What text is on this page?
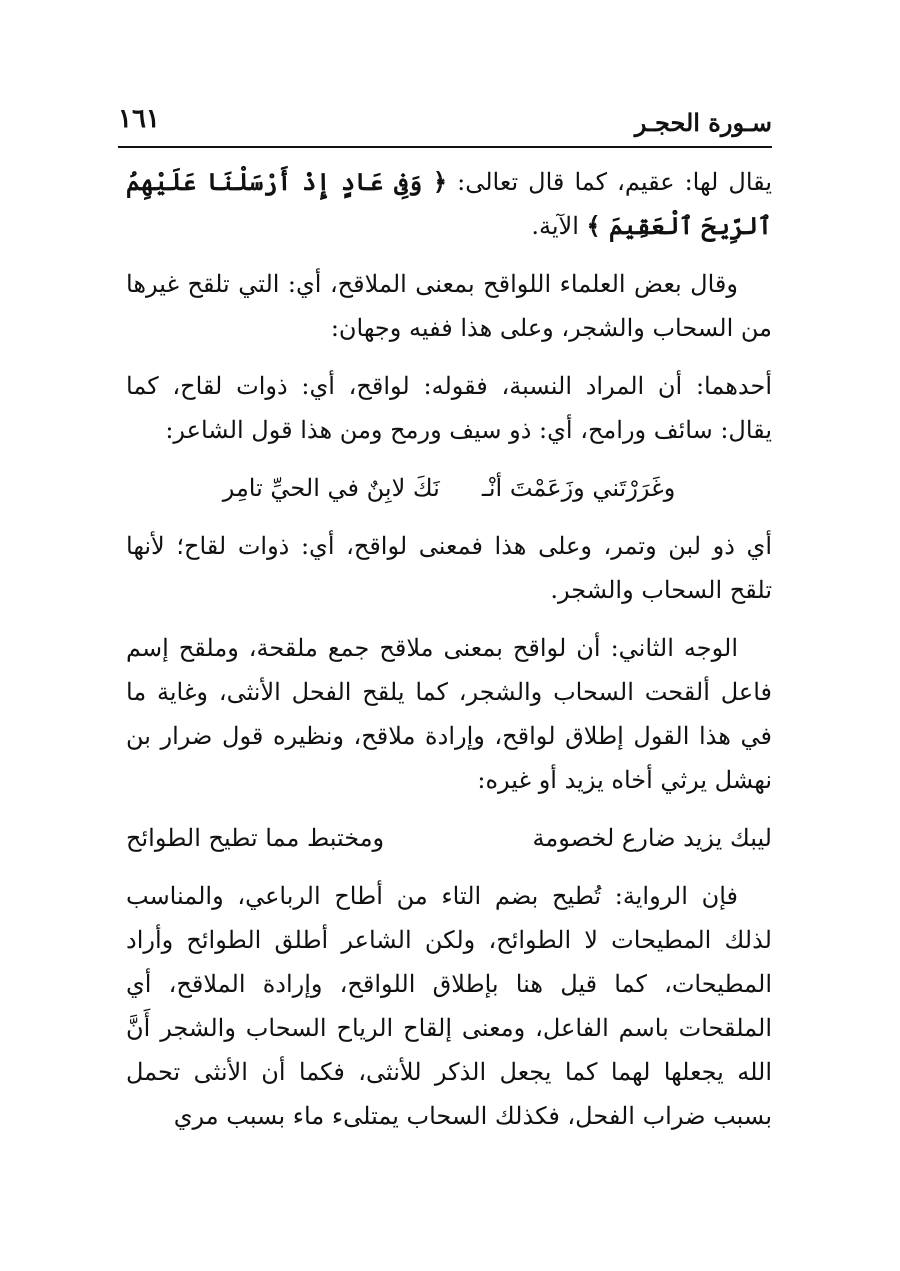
سـورة الحجـر
١٦١

يقال لها: عقيم، كما قال تعالى: ﴿ وَفِى عَادٍ إِذْ أَرْسَلْنَا عَلَيْهِمُ ٱلرِّيحَ ٱلْعَقِيمَ ﴾ الآية.

وقال بعض العلماء اللواقح بمعنى الملاقح، أي: التي تلقح غيرها من السحاب والشجر، وعلى هذا ففيه وجهان:

أحدهما: أن المراد النسبة، فقوله: لواقح، أي: ذوات لقاح، كما يقال: سائف ورامح، أي: ذو سيف ورمح ومن هذا قول الشاعر:

وغَرَرْتَني وزَعَمْتَ أنْـ
نَكَ لابِنٌ في الحيِّ تامِر

أي ذو لبن وتمر، وعلى هذا فمعنى لواقح، أي: ذوات لقاح؛ لأنها تلقح السحاب والشجر.

الوجه الثاني: أن لواقح بمعنى ملاقح جمع ملقحة، وملقح إسم فاعل ألقحت السحاب والشجر، كما يلقح الفحل الأنثى، وغاية ما في هذا القول إطلاق لواقح، وإرادة ملاقح، ونظيره قول ضرار بن نهشل يرثي أخاه يزيد أو غيره:

ليبك يزيد ضارع لخصومة
ومختبط مما تطيح الطوائح

فإن الرواية: تُطيح بضم التاء من أطاح الرباعي، والمناسب لذلك المطيحات لا الطوائح، ولكن الشاعر أطلق الطوائح وأراد المطيحات، كما قيل هنا بإطلاق اللواقح، وإرادة الملاقح، أي الملقحات باسم الفاعل، ومعنى إلقاح الرياح السحاب والشجر أَنَّ الله يجعلها لهما كما يجعل الذكر للأنثى، فكما أن الأنثى تحمل بسبب ضراب الفحل، فكذلك السحاب يمتلىء ماء بسبب مري
